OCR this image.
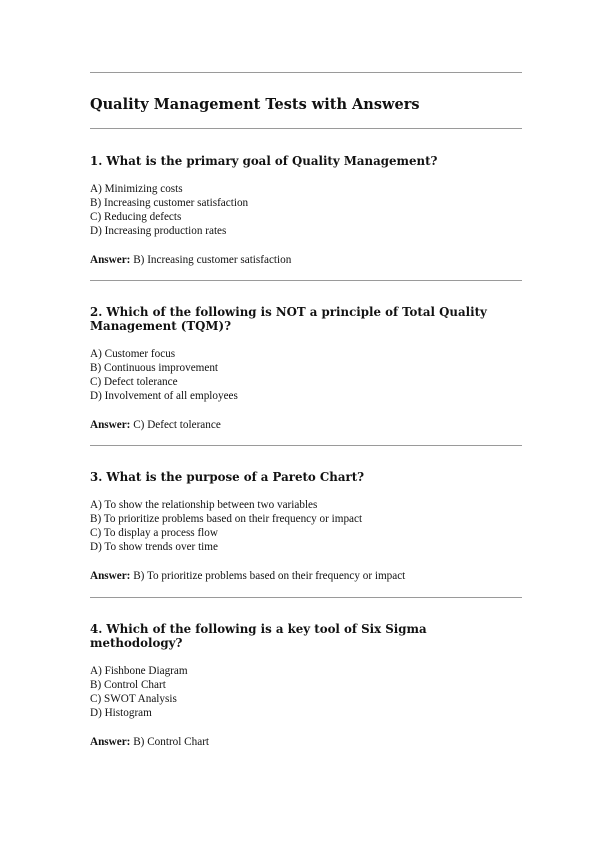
Quality Management Tests with Answers

1. What is the primary goal of Quality Management?

A) Minimizing costs
B) Increasing customer satisfaction
C) Reducing defects
D) Increasing production rates

Answer: B) Increasing customer satisfaction

2. Which of the following is NOT a principle of Total Quality Management (TQM)?

A) Customer focus
B) Continuous improvement
C) Defect tolerance
D) Involvement of all employees

Answer: C) Defect tolerance

3. What is the purpose of a Pareto Chart?

A) To show the relationship between two variables
B) To prioritize problems based on their frequency or impact
C) To display a process flow
D) To show trends over time

Answer: B) To prioritize problems based on their frequency or impact

4. Which of the following is a key tool of Six Sigma methodology?

A) Fishbone Diagram
B) Control Chart
C) SWOT Analysis
D) Histogram

Answer: B) Control Chart
